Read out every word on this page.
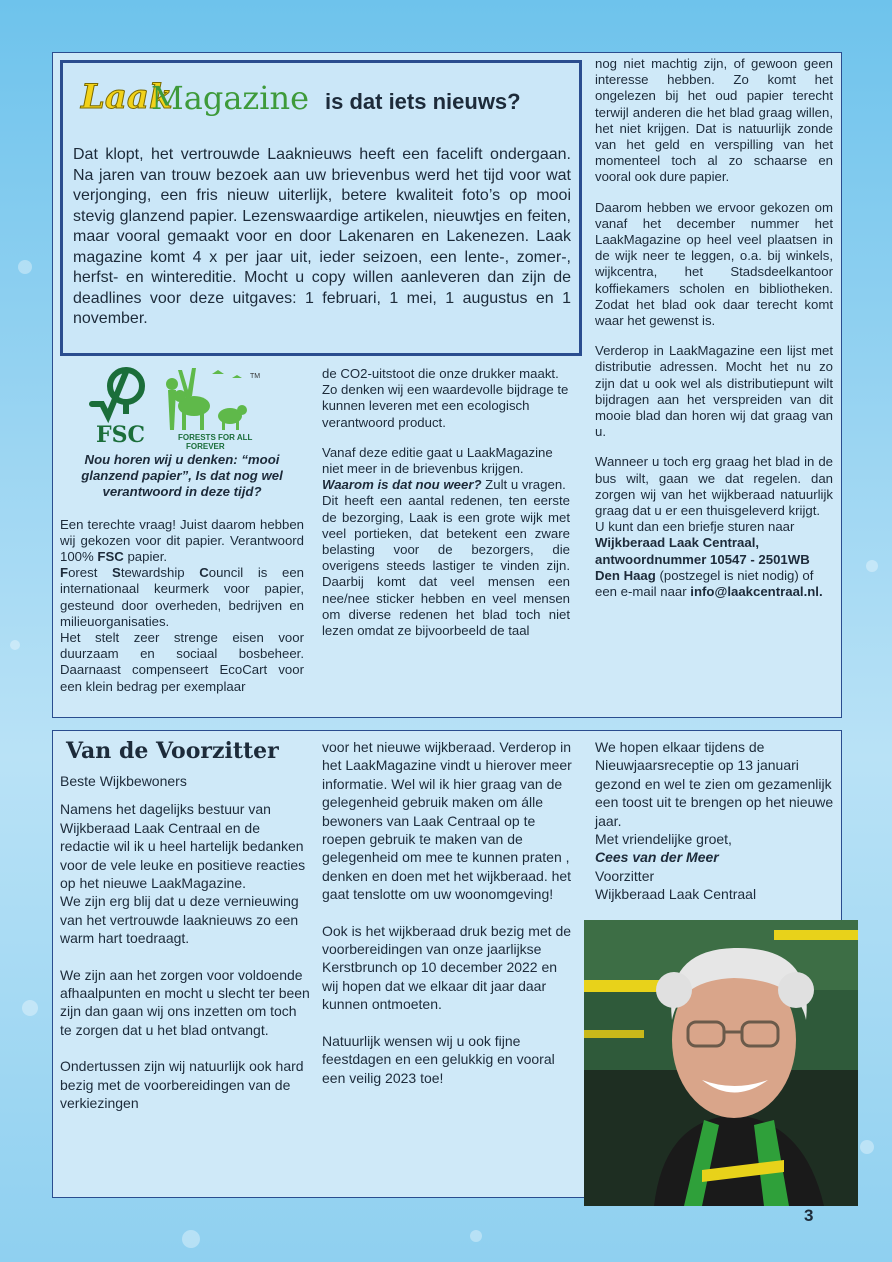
Laak
Magazine is dat iets nieuws?
Dat klopt, het vertrouwde Laaknieuws heeft een facelift ondergaan. Na jaren van trouw bezoek aan uw brievenbus werd het tijd voor wat verjonging, een fris nieuw uiterlijk, betere kwaliteit foto’s op mooi stevig glanzend papier. Lezenswaardige artikelen, nieuwtjes en feiten, maar vooral gemaakt voor en door Lakenaren en Lakenezen. Laak magazine komt 4 x per jaar uit, ieder seizoen, een lente-, zomer-, herfst- en wintereditie. Mocht u copy willen aanleveren dan zijn de deadlines voor deze uitgaves: 1 februari, 1 mei, 1 augustus en 1 november.
FSC	FORESTS FOR ALL
FOREVER
TM

Nou horen wij u denken: “mooi glanzend papier”, Is dat nog wel verantwoord in deze tijd?

Een terechte vraag! Juist daarom hebben wij gekozen voor dit papier. Verantwoord 100% FSC papier.
Forest Stewardship Council is een internationaal keurmerk voor papier, gesteund door overheden, bedrijven en milieuorganisaties.

Het stelt zeer strenge eisen voor duurzaam en sociaal bosbeheer. Daarnaast compenseert EcoCart voor een klein bedrag per exemplaar

de CO2-uitstoot die onze drukker maakt.

Zo denken wij een waardevolle bijdrage te kunnen leveren met een ecologisch verantwoord product.

Vanaf deze editie gaat u LaakMagazine niet meer in de brievenbus krijgen. Waarom is dat nou weer? Zult u vragen.

Dit heeft een aantal redenen, ten eerste de bezorging, Laak is een grote wijk met veel portieken, dat betekent een zware belasting voor de bezorgers, die overigens steeds lastiger te vinden zijn. Daarbij komt dat veel mensen een nee/nee sticker hebben en veel mensen om diverse redenen het blad toch niet lezen omdat ze bijvoorbeeld de taal

nog niet machtig zijn, of gewoon geen interesse hebben. Zo komt het ongelezen bij het oud papier terecht terwijl anderen die het blad graag willen, het niet krijgen. Dat is natuurlijk zonde van het geld en verspilling van het momenteel toch al zo schaarse en vooral ook dure papier.

Daarom hebben we ervoor gekozen om vanaf het december nummer het LaakMagazine op heel veel plaatsen in de wijk neer te leggen, o.a. bij winkels, wijkcentra, het Stadsdeelkantoor koffiekamers scholen en bibliotheken. Zodat het blad ook daar terecht komt waar het gewenst is.

Verderop in LaakMagazine een lijst met distributie adressen. Mocht het nu zo zijn dat u ook wel als distributiepunt wilt bijdragen aan het verspreiden van dit mooie blad dan horen wij dat graag van u.

Wanneer u toch erg graag het blad in de bus wilt, gaan we dat regelen. dan zorgen wij van het wijkberaad natuurlijk graag dat u er een thuisgeleverd krijgt.

U kunt dan een briefje sturen naar Wijkberaad Laak Centraal, antwoordnummer 10547 - 2501WB Den Haag (postzegel is niet nodig) of een e-mail naar info@laakcentraal.nl.

Van de Voorzitter

Beste Wijkbewoners

Namens het dagelijks bestuur van Wijkberaad Laak Centraal en de redactie wil ik u heel hartelijk bedanken voor de vele leuke en positieve reacties op het nieuwe LaakMagazine.
We zijn erg blij dat u deze vernieuwing van het vertrouwde laaknieuws zo een warm hart toedraagt.

We zijn aan het zorgen voor voldoende afhaalpunten en mocht u slecht ter been zijn dan gaan wij ons inzetten om toch te zorgen dat u het blad ontvangt.

Ondertussen zijn wij natuurlijk ook hard bezig met de voorbereidingen van de verkiezingen

voor het nieuwe wijkberaad. Verderop in het LaakMagazine vindt u hierover meer informatie. Wel wil ik hier graag van de gelegenheid gebruik maken om álle bewoners van Laak Centraal op te roepen gebruik te maken van de gelegenheid om mee te kunnen praten , denken en doen met het wijkberaad. het gaat tenslotte om uw woonomgeving!

Ook is het wijkberaad druk bezig met de voorbereidingen van onze jaarlijkse Kerstbrunch op 10 december 2022 en wij hopen dat we elkaar dit jaar daar kunnen ontmoeten.

Natuurlijk wensen wij u ook fijne feestdagen en een gelukkig en vooral een veilig 2023 toe!

We hopen elkaar tijdens de Nieuwjaarsreceptie op 13 januari gezond en wel te zien om gezamenlijk een toost uit te brengen op het nieuwe jaar.

Met vriendelijke groet,
Cees van der Meer
Voorzitter
Wijkberaad Laak Centraal
3
